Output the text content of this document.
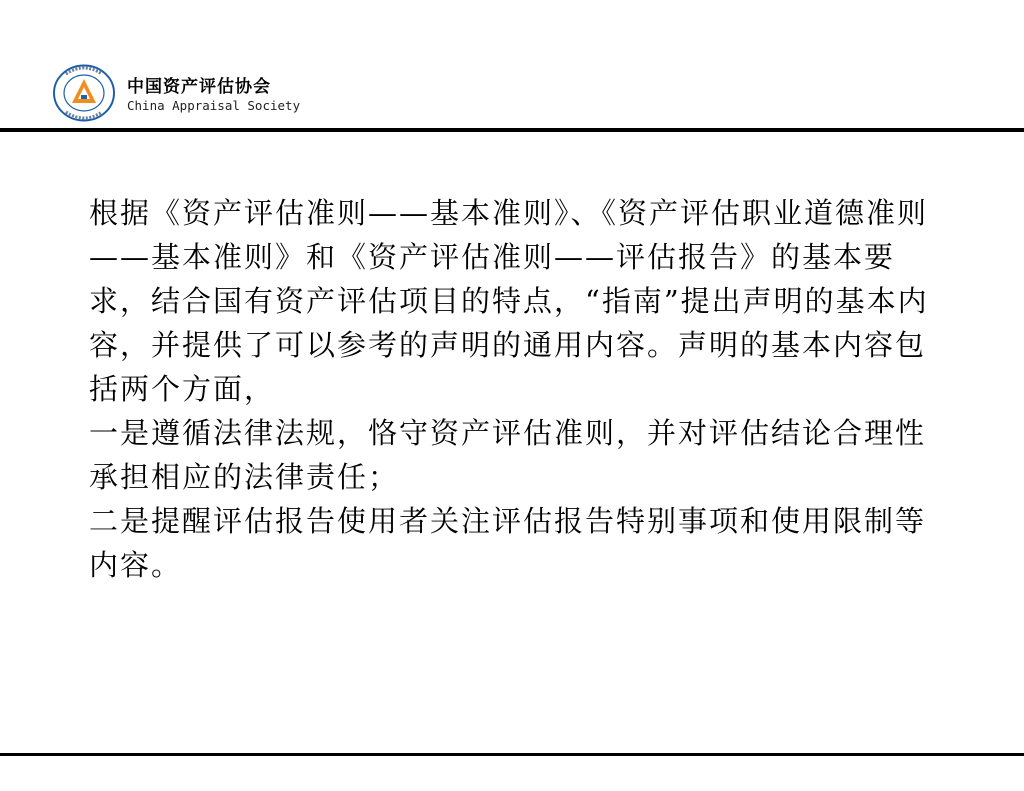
中国资产评估协会
China Appraisal Society
根据《资产评估准则——基本准则》、《资产评估职业道德准则——基本准则》和《资产评估准则——评估报告》的基本要求，结合国有资产评估项目的特点，“指南”提出声明的基本内容，并提供了可以参考的声明的通用内容。声明的基本内容包括两个方面，
一是遵循法律法规，恪守资产评估准则，并对评估结论合理性承担相应的法律责任；
二是提醒评估报告使用者关注评估报告特别事项和使用限制等内容。
